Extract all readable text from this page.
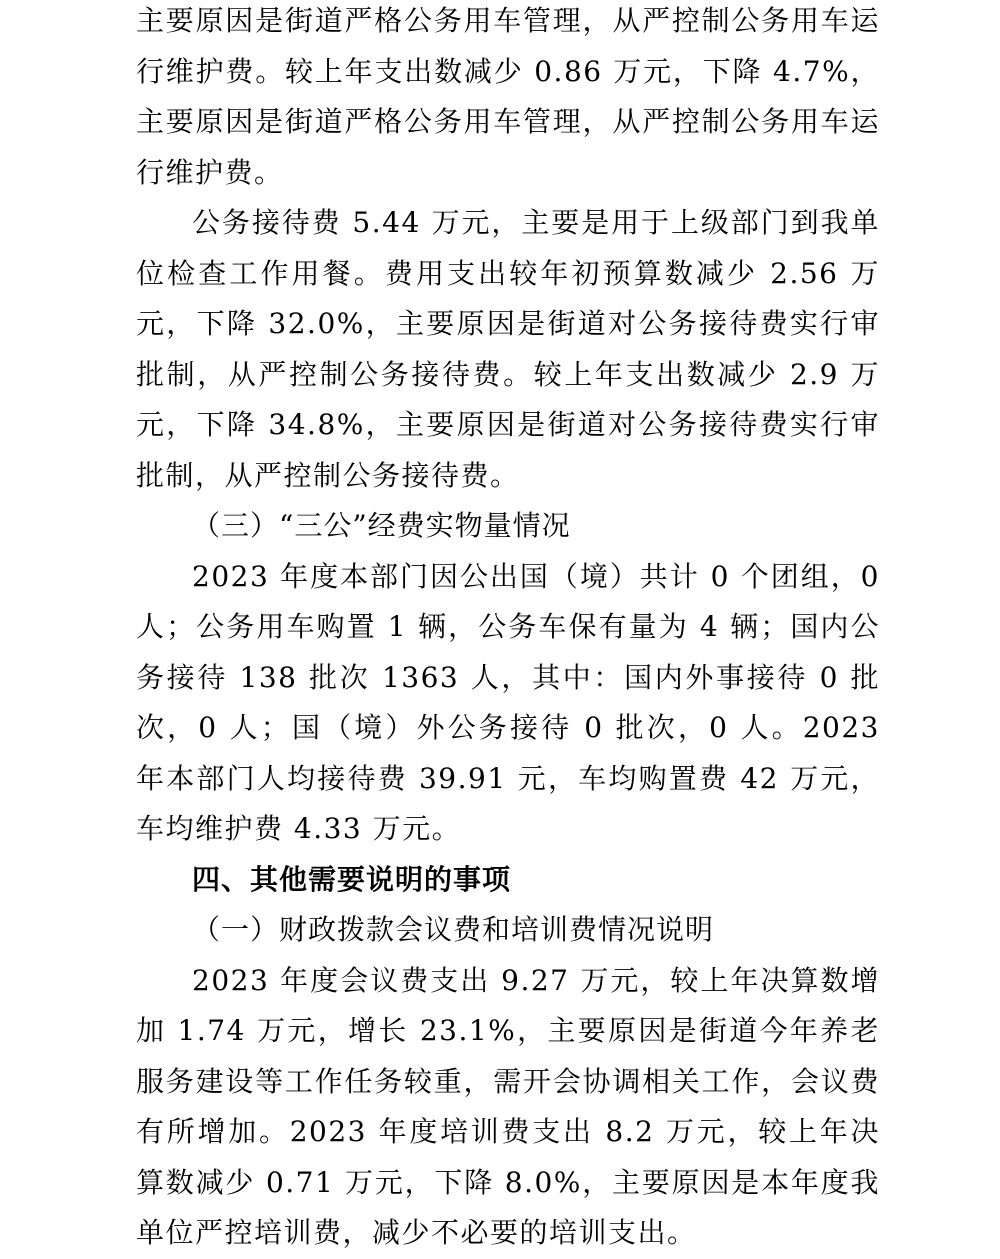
主要原因是街道严格公务用车管理，从严控制公务用车运行维护费。较上年支出数减少 0.86 万元，下降 4.7%，主要原因是街道严格公务用车管理，从严控制公务用车运行维护费。

公务接待费 5.44 万元，主要是用于上级部门到我单位检查工作用餐。费用支出较年初预算数减少 2.56 万元，下降 32.0%，主要原因是街道对公务接待费实行审批制，从严控制公务接待费。较上年支出数减少 2.9 万元，下降 34.8%，主要原因是街道对公务接待费实行审批制，从严控制公务接待费。

（三）“三公”经费实物量情况

2023 年度本部门因公出国（境）共计 0 个团组，0 人；公务用车购置 1 辆，公务车保有量为 4 辆；国内公务接待 138 批次 1363 人，其中：国内外事接待 0 批次，0 人；国（境）外公务接待 0 批次，0 人。2023 年本部门人均接待费 39.91 元，车均购置费 42 万元，车均维护费 4.33 万元。

四、其他需要说明的事项

（一）财政拨款会议费和培训费情况说明

2023 年度会议费支出 9.27 万元，较上年决算数增加 1.74 万元，增长 23.1%，主要原因是街道今年养老服务建设等工作任务较重，需开会协调相关工作，会议费有所增加。2023 年度培训费支出 8.2 万元，较上年决算数减少 0.71 万元，下降 8.0%，主要原因是本年度我单位严控培训费，减少不必要的培训支出。
